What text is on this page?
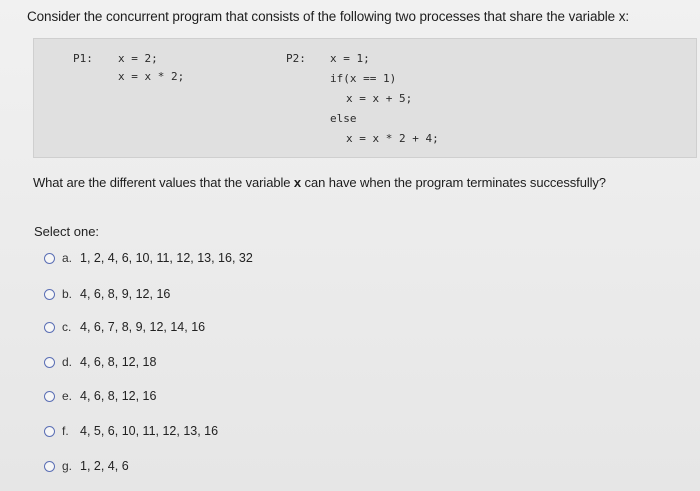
Consider the concurrent program that consists of the following two processes that share the variable x:
P1: x = 2;
x = x * 2;
P2: x = 1;
if(x == 1)
x = x + 5;
else
x = x * 2 + 4;
What are the different values that the variable x can have when the program terminates successfully?
Select one:
a. 1, 2, 4, 6, 10, 11, 12, 13, 16, 32
b. 4, 6, 8, 9, 12, 16
c. 4, 6, 7, 8, 9, 12, 14, 16
d. 4, 6, 8, 12, 18
e. 4, 6, 8, 12, 16
f. 4, 5, 6, 10, 11, 12, 13, 16
g. 1, 2, 4, 6
